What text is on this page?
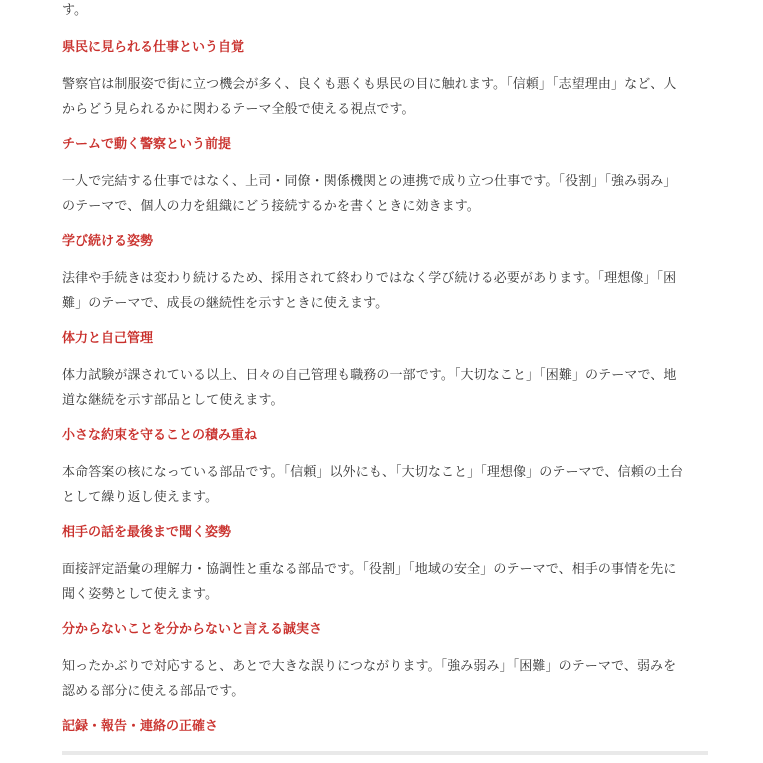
す。

県民に見られる仕事という自覚

警察官は制服姿で街に立つ機会が多く、良くも悪くも県民の目に触れます。「信頼」「志望理由」など、人
からどう見られるかに関わるテーマ全般で使える視点です。

チームで動く警察という前提

一人で完結する仕事ではなく、上司・同僚・関係機関との連携で成り立つ仕事です。「役割」「強み弱み」
のテーマで、個人の力を組織にどう接続するかを書くときに効きます。

学び続ける姿勢

法律や手続きは変わり続けるため、採用されて終わりではなく学び続ける必要があります。「理想像」「困
難」のテーマで、成長の継続性を示すときに使えます。

体力と自己管理

体力試験が課されている以上、日々の自己管理も職務の一部です。「大切なこと」「困難」のテーマで、地
道な継続を示す部品として使えます。

小さな約束を守ることの積み重ね

本命答案の核になっている部品です。「信頼」以外にも、「大切なこと」「理想像」のテーマで、信頼の土台
として繰り返し使えます。

相手の話を最後まで聞く姿勢

面接評定語彙の理解力・協調性と重なる部品です。「役割」「地域の安全」のテーマで、相手の事情を先に
聞く姿勢として使えます。

分からないことを分からないと言える誠実さ

知ったかぶりで対応すると、あとで大きな誤りにつながります。「強み弱み」「困難」のテーマで、弱みを
認める部分に使える部品です。

記録・報告・連絡の正確さ
